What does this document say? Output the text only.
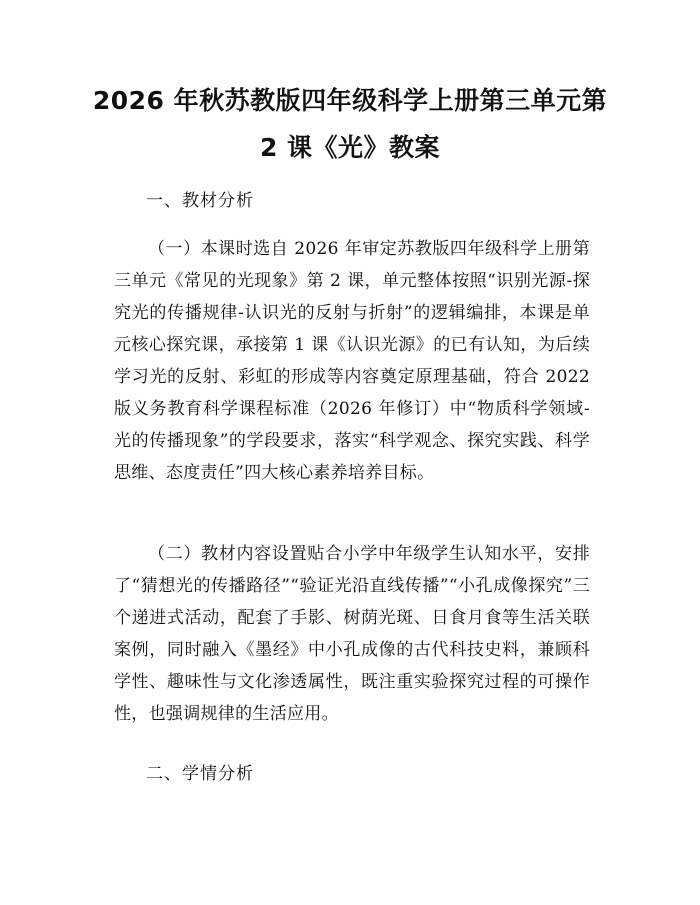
2026 年秋苏教版四年级科学上册第三单元第
2 课《光》教案
一、教材分析

（一）本课时选自 2026 年审定苏教版四年级科学上册第三单元《常见的光现象》第 2 课，单元整体按照“识别光源-探究光的传播规律-认识光的反射与折射”的逻辑编排，本课是单元核心探究课，承接第 1 课《认识光源》的已有认知，为后续学习光的反射、彩虹的形成等内容奠定原理基础，符合 2022 版义务教育科学课程标准（2026 年修订）中“物质科学领域-光的传播现象”的学段要求，落实“科学观念、探究实践、科学思维、态度责任”四大核心素养培养目标。

（二）教材内容设置贴合小学中年级学生认知水平，安排了“猜想光的传播路径”“验证光沿直线传播”“小孔成像探究”三个递进式活动，配套了手影、树荫光斑、日食月食等生活关联案例，同时融入《墨经》中小孔成像的古代科技史料，兼顾科学性、趣味性与文化渗透属性，既注重实验探究过程的可操作性，也强调规律的生活应用。

二、学情分析
